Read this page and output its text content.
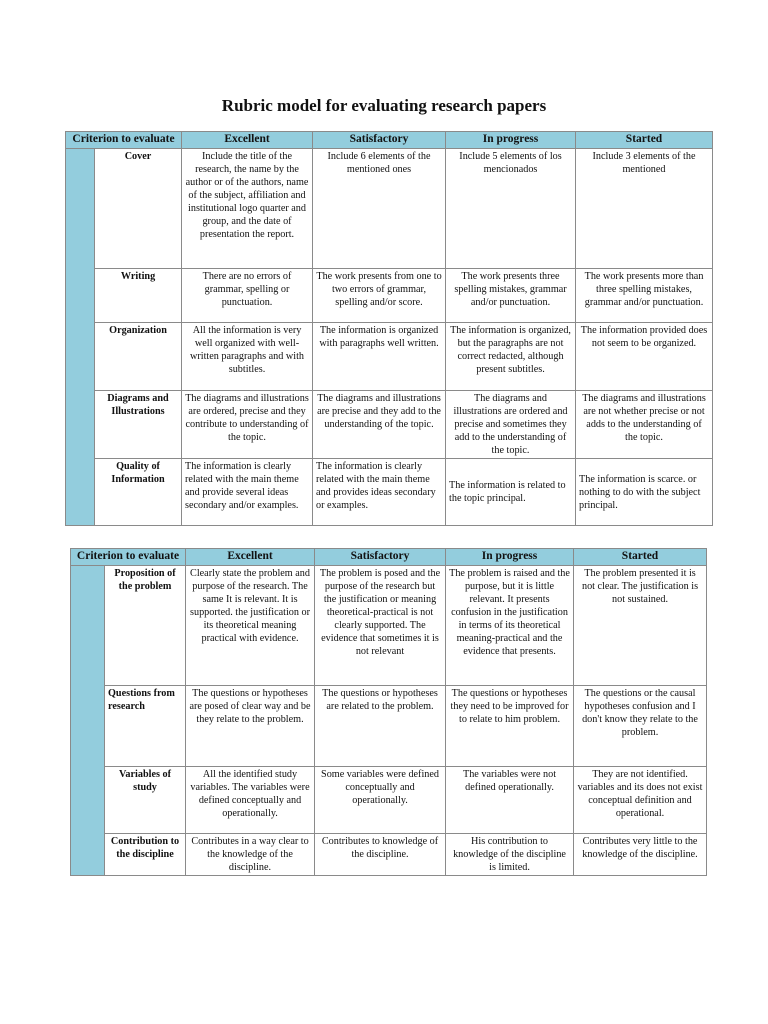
Rubric model for evaluating research papers
Criterion to evaluate		Excellent	Satisfactory	In progress	Started
	Cover	Include the title of the research, the name by the author or of the authors, name of the subject, affiliation and institutional logo quarter and group, and the date of presentation the report.	Include 6 elements of the mentioned ones	Include 5 elements of los mencionados	Include 3 elements of the mentioned
	Writing	There are no errors of grammar, spelling or punctuation.	The work presents from one to two errors of grammar, spelling and/or score.	The work presents three spelling mistakes, grammar and/or punctuation.	The work presents more than three spelling mistakes, grammar and/or punctuation.
	Organization	All the information is very well organized with well-written paragraphs and with subtitles.	The information is organized with paragraphs well written.	The information is organized, but the paragraphs are not correct redacted, although present subtitles.	The information provided does not seem to be organized.
	Diagrams and Illustrations	The diagrams and illustrations are ordered, precise and they contribute to understanding of the topic.	The diagrams and illustrations are precise and they add to the understanding of the topic.	The diagrams and illustrations are ordered and precise and sometimes they add to the understanding of the topic.	The diagrams and illustrations are not whether precise or not adds to the understanding of the topic.
	Quality of Information	The information is clearly related with the main theme and provide several ideas secondary and/or examples.	The information is clearly related with the main theme and provides ideas secondary or examples.	The information is related to the topic principal.	The information is scarce. or nothing to do with the subject principal.
Criterion to evaluate		Excellent	Satisfactory	In progress	Started
	Proposition of the problem	Clearly state the problem and purpose of the research. The same It is relevant. It is supported. the justification or its theoretical meaning practical with evidence.	The problem is posed and the purpose of the research but the justification or meaning theoretical-practical is not clearly supported. The evidence that sometimes it is not relevant	The problem is raised and the purpose, but it is little relevant. It presents confusion in the justification in terms of its theoretical meaning-practical and the evidence that presents.	The problem presented it is not clear. The justification is not sustained.
	Questions from research	The questions or hypotheses are posed of clear way and be they relate to the problem.	The questions or hypotheses are related to the problem.	The questions or hypotheses they need to be improved for to relate to him problem.	The questions or the causal hypotheses confusion and I don't know they relate to the problem.
	Variables of study	All the identified study variables. The variables were defined conceptually and operationally.	Some variables were defined conceptually and operationally.	The variables were not defined operationally.	They are not identified. variables and its does not exist conceptual definition and operational.
	Contribution to the discipline	Contributes in a way clear to the knowledge of the discipline.	Contributes to knowledge of the discipline.	His contribution to knowledge of the discipline is limited.	Contributes very little to the knowledge of the discipline.
